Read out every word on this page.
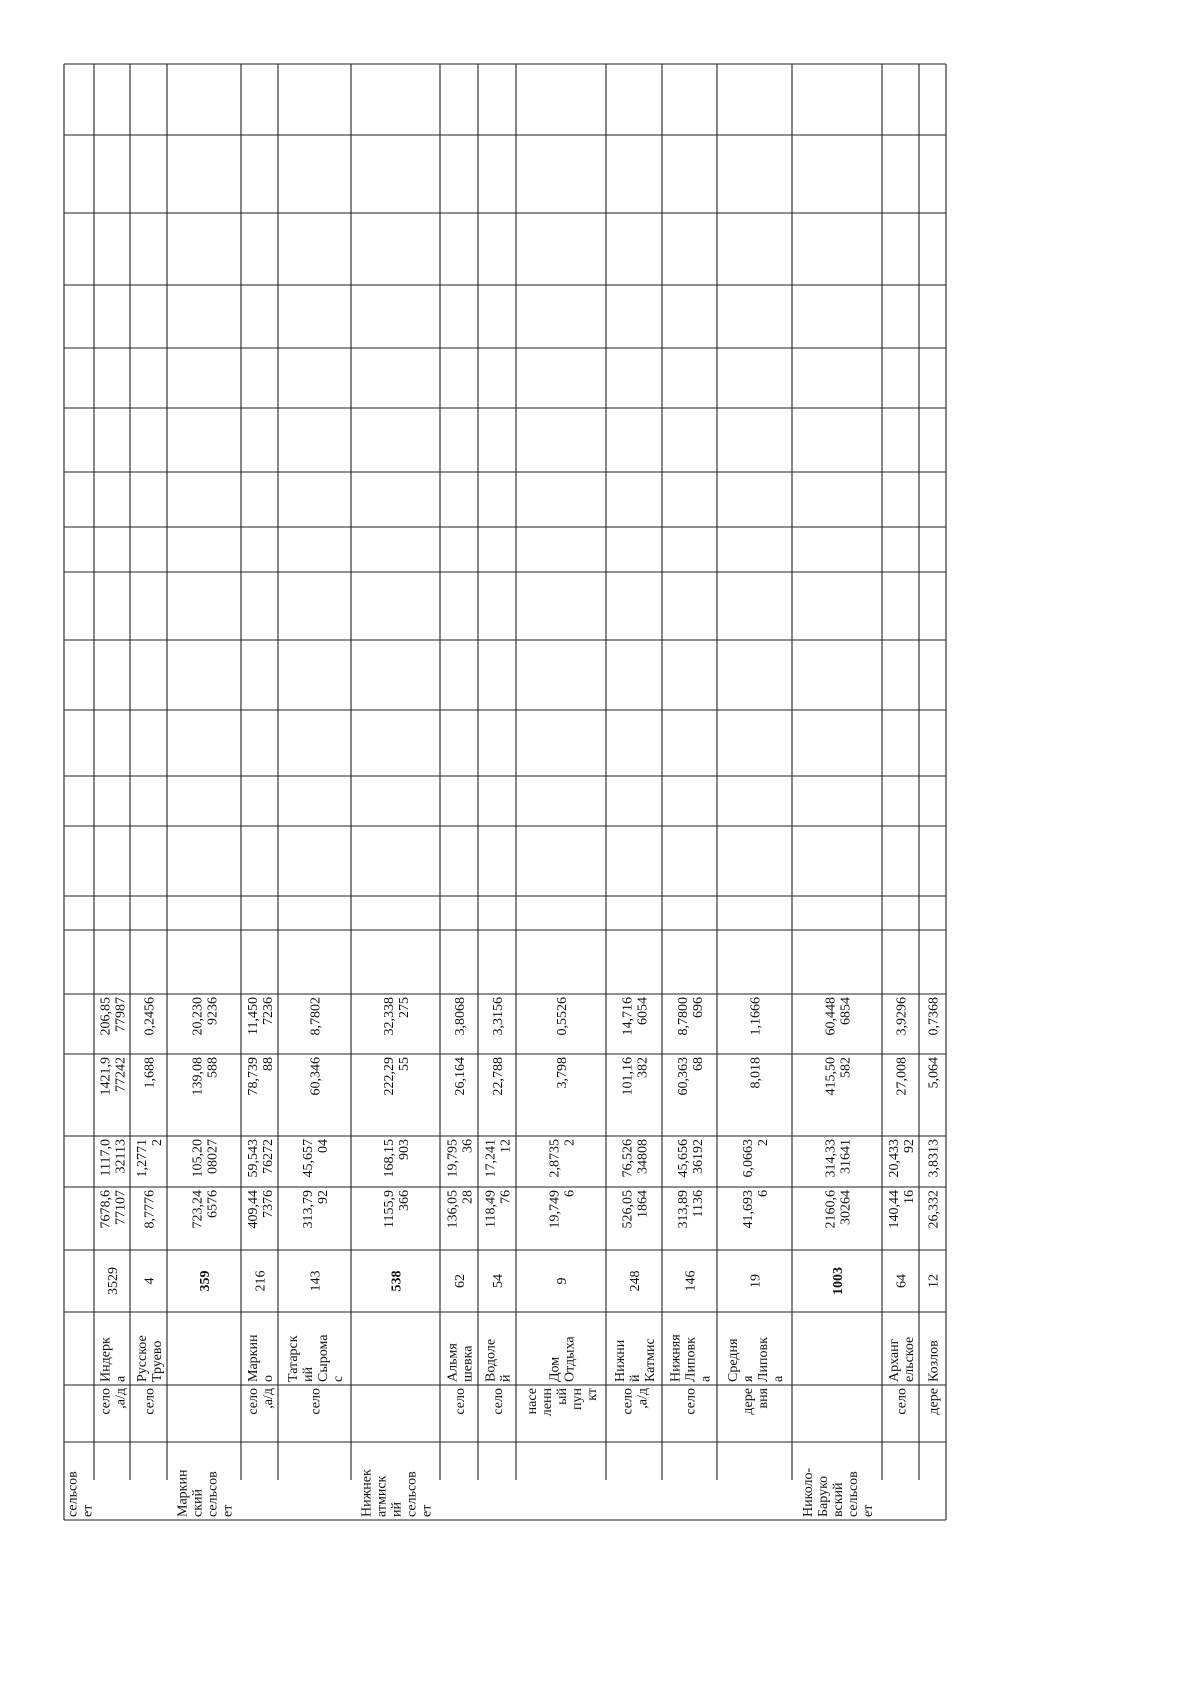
сельсов ет
село ,а/д
Индерк а
3529
7678,6 77107
1117,0 32113
1421,9 77242
206,85 77987
село
Русское Труево
4
8,7776
1,2771 2
1,688
0,2456
Маркин ский сельсов ет
359
723,24 6576
105,20 08027
139,08 588
20,230 9236
село ,а/д
Маркин о
216
409,44 7376
59,543 76272
78,739 88
11,450 7236
село
Татарск ий Сырома с
143
313,79 92
45,657 04
60,346
8,7802
Нижнек атмиск ий сельсов ет
538
1155,9 366
168,15 903
222,29 55
32,338 275
село
Альмя шевка
62
136,05 28
19,795 36
26,164
3,8068
село
Водоле й
54
118,49 76
17,241 12
22,788
3,3156
насе ленн ый пун кт
Дом Отдыха
9
19,749 6
2,8735 2
3,798
0,5526
село ,а/д
Нижни й Катмис
248
526,05 1864
76,526 34808
101,16 382
14,716 6054
село
Нижняя Липовк а
146
313,89 1136
45,656 36192
60,363 68
8,7800 696
дере вня
Средня я Липовк а
19
41,693 6
6,0663 2
8,018
1,1666
Николо- Баруко вский сельсов ет
1003
2160,6 30264
314,33 31641
415,50 582
60,448 6854
село
Арханг ельское
64
140,44 16
20,433 92
27,008
3,9296
дере
Козлов
12
26,332
3,8313
5,064
0,7368
